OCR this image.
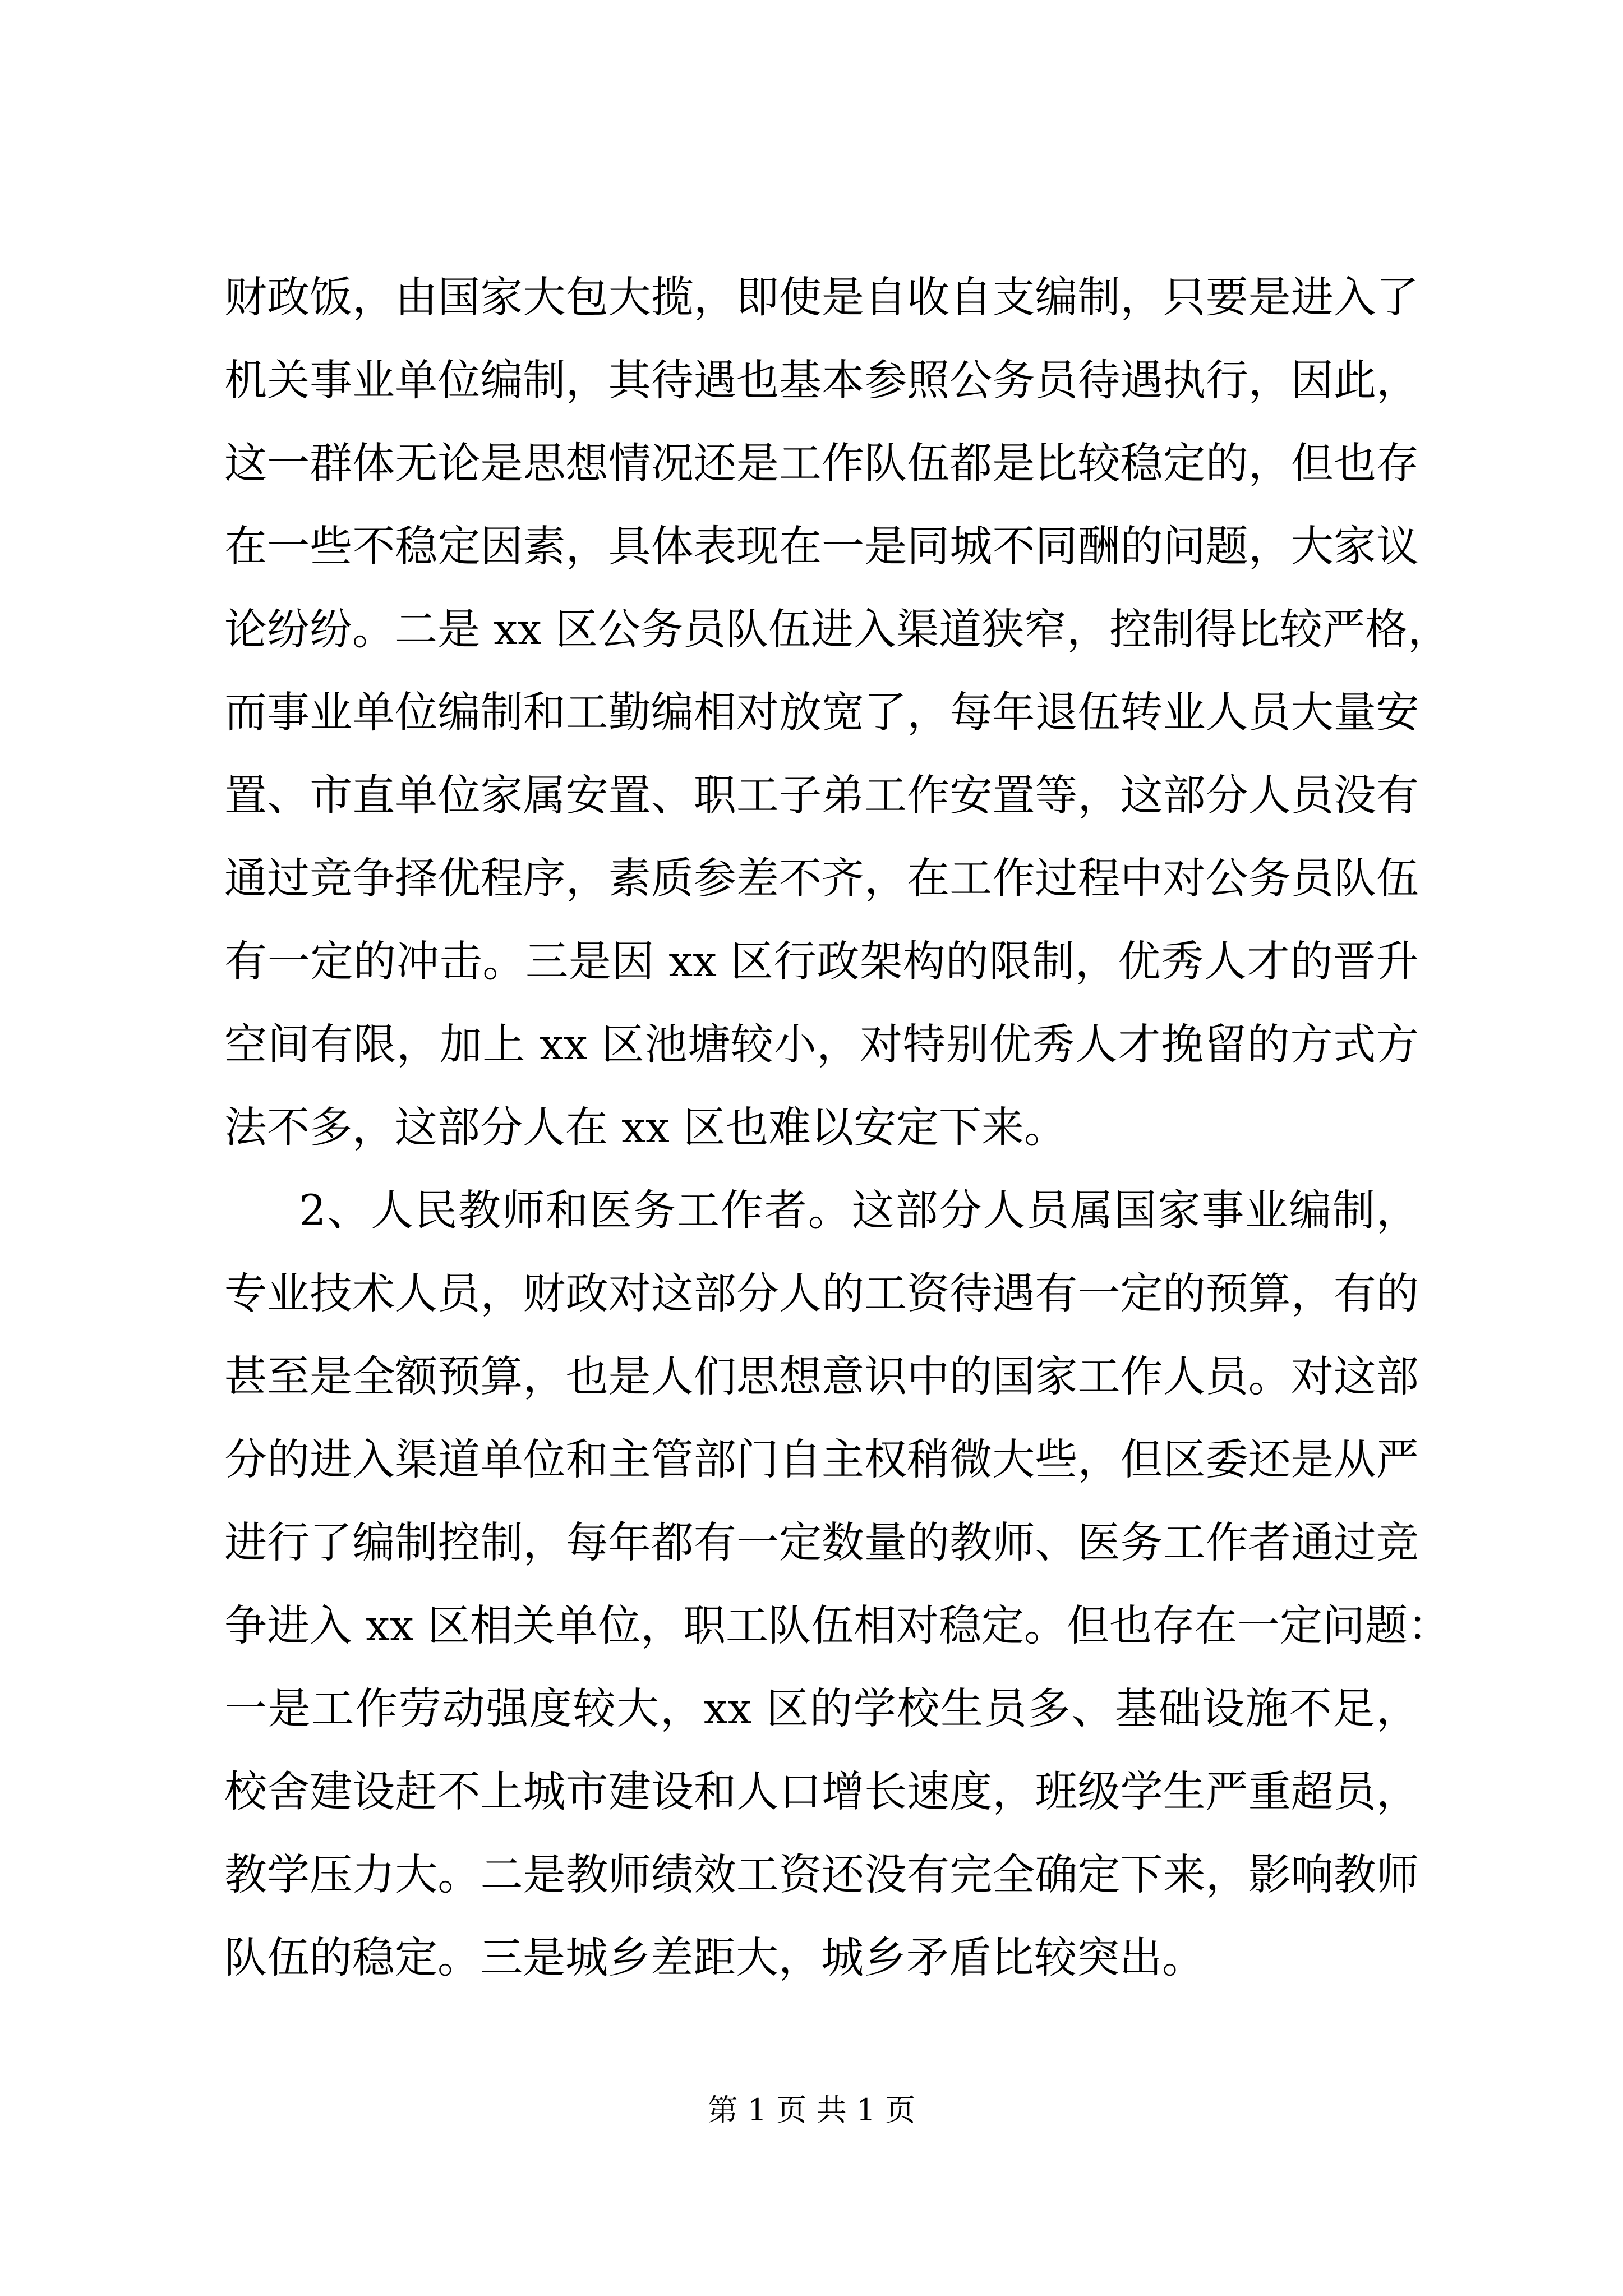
财政饭，由国家大包大揽，即使是自收自支编制，只要是进入了
机关事业单位编制，其待遇也基本参照公务员待遇执行，因此，
这一群体无论是思想情况还是工作队伍都是比较稳定的，但也存
在一些不稳定因素，具体表现在一是同城不同酬的问题，大家议
论纷纷。二是 xx 区公务员队伍进入渠道狭窄，控制得比较严格，
而事业单位编制和工勤编相对放宽了，每年退伍转业人员大量安
置、市直单位家属安置、职工子弟工作安置等，这部分人员没有
通过竞争择优程序，素质参差不齐，在工作过程中对公务员队伍
有一定的冲击。三是因 xx 区行政架构的限制，优秀人才的晋升
空间有限，加上 xx 区池塘较小，对特别优秀人才挽留的方式方
法不多，这部分人在 xx 区也难以安定下来。
2、人民教师和医务工作者。这部分人员属国家事业编制，
专业技术人员，财政对这部分人的工资待遇有一定的预算，有的
甚至是全额预算，也是人们思想意识中的国家工作人员。对这部
分的进入渠道单位和主管部门自主权稍微大些，但区委还是从严
进行了编制控制，每年都有一定数量的教师、医务工作者通过竞
争进入 xx 区相关单位，职工队伍相对稳定。但也存在一定问题：
一是工作劳动强度较大，xx 区的学校生员多、基础设施不足，
校舍建设赶不上城市建设和人口增长速度，班级学生严重超员，
教学压力大。二是教师绩效工资还没有完全确定下来，影响教师
队伍的稳定。三是城乡差距大，城乡矛盾比较突出。
第 1 页 共 1 页
